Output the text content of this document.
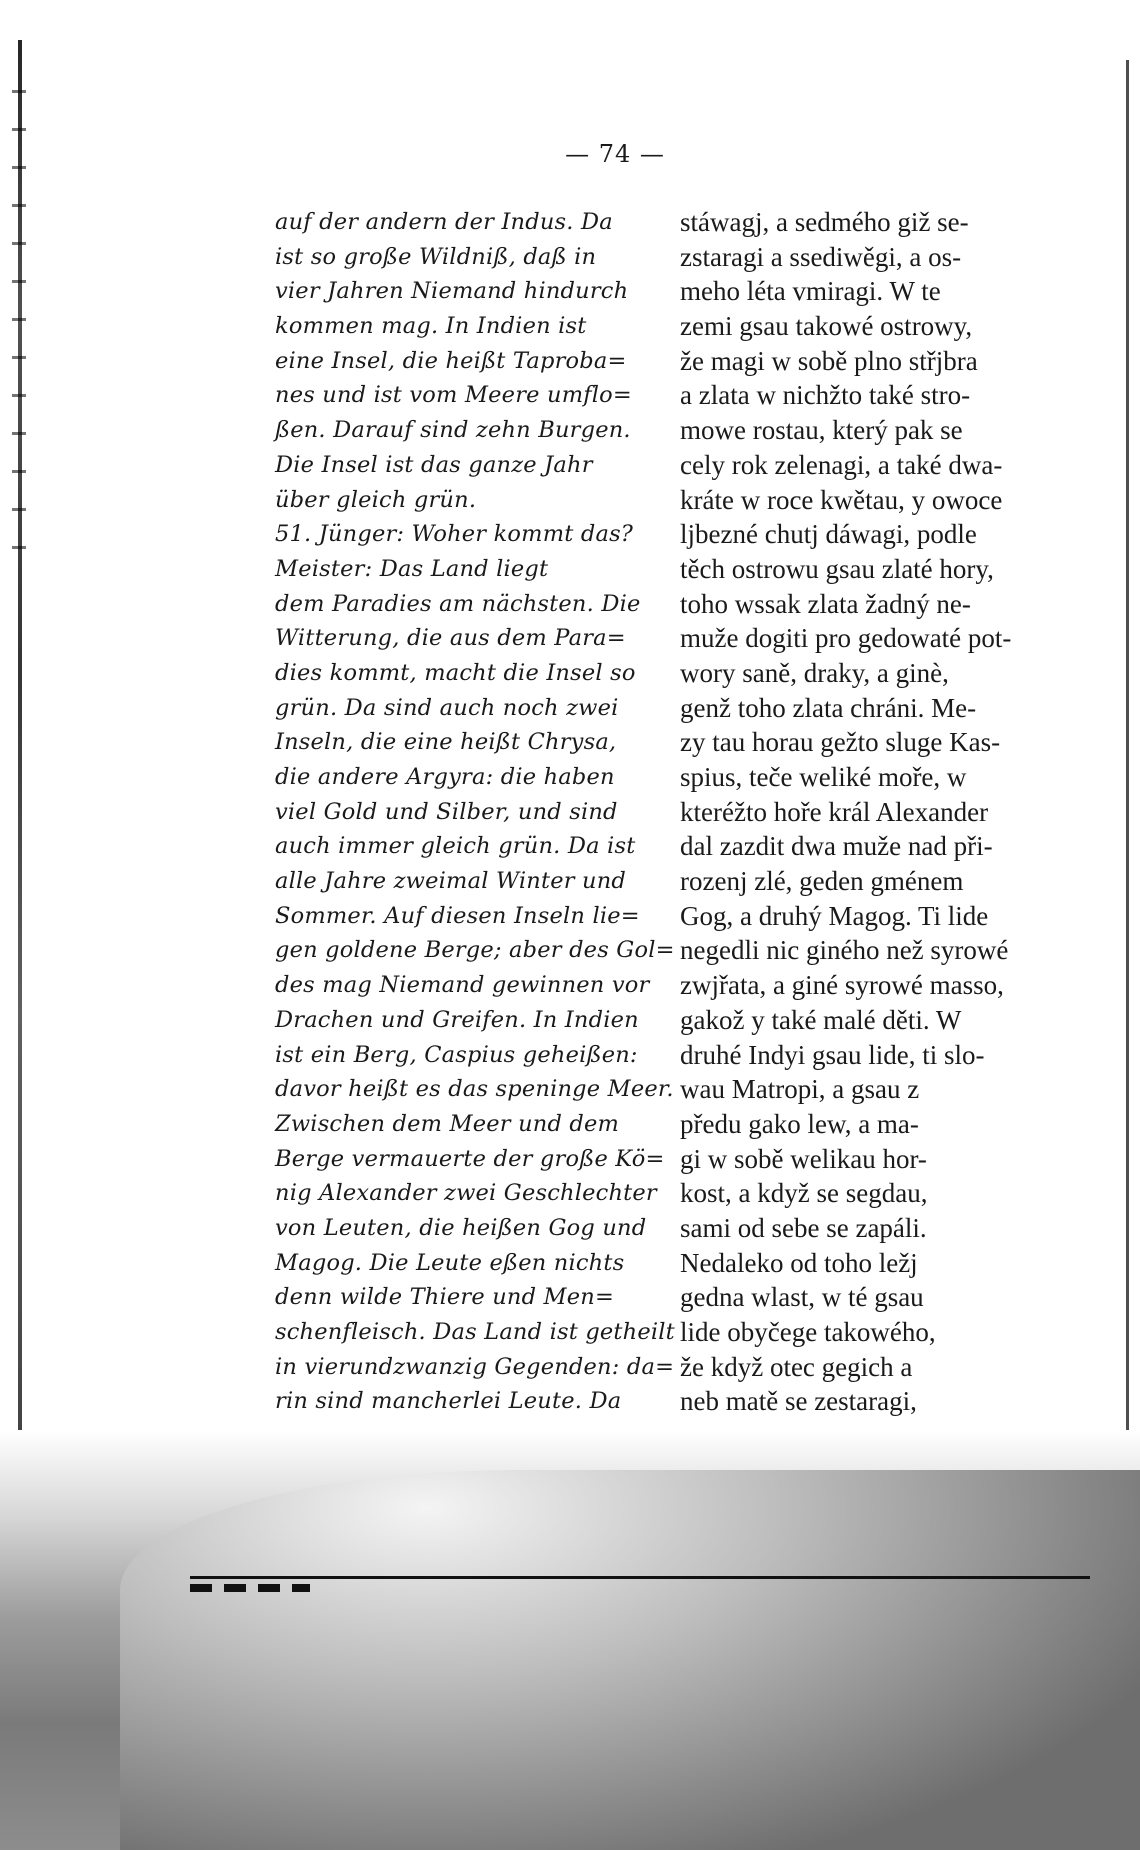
— 74 —
auf der andern der Indus. Da
ist so große Wildniß, daß in
vier Jahren Niemand hindurch
kommen mag. In Indien ist
eine Insel, die heißt Taproba=
nes und ist vom Meere umflo=
ßen. Darauf sind zehn Burgen.
Die Insel ist das ganze Jahr
über gleich grün.
51. Jünger: Woher kommt das?
Meister: Das Land liegt
dem Paradies am nächsten. Die
Witterung, die aus dem Para=
dies kommt, macht die Insel so
grün. Da sind auch noch zwei
Inseln, die eine heißt Chrysa,
die andere Argyra: die haben
viel Gold und Silber, und sind
auch immer gleich grün. Da ist
alle Jahre zweimal Winter und
Sommer. Auf diesen Inseln lie=
gen goldene Berge; aber des Gol=
des mag Niemand gewinnen vor
Drachen und Greifen. In Indien
ist ein Berg, Caspius geheißen:
davor heißt es das speninge Meer.
Zwischen dem Meer und dem
Berge vermauerte der große Kö=
nig Alexander zwei Geschlechter
von Leuten, die heißen Gog und
Magog. Die Leute eßen nichts
denn wilde Thiere und Men=
schenfleisch. Das Land ist getheilt
in vierundzwanzig Gegenden: da=
rin sind mancherlei Leute. Da
stáwagj, a sedmého giž se-
zstaragi a ssediwěgi, a os-
meho léta vmiragi. W te
zemi gsau takowé ostrowy,
že magi w sobě plno střjbra
a zlata w nichžto také stro-
mowe rostau, který pak se
cely rok zelenagi, a také dwa-
kráte w roce kwětau, y owoce
ljbezné chutj dáwagi, podle
těch ostrowu gsau zlaté hory,
toho wssak zlata žadný ne-
muže dogiti pro gedowaté pot-
wory saně, draky, a ginè,
genž toho zlata chráni. Me-
zy tau horau gežto sluge Kas-
spius, teče weliké moře, w
kteréžto hoře král Alexander
dal zazdit dwa muže nad při-
rozenj zlé, geden gménem
Gog, a druhý Magog. Ti lide
negedli nic giného než syrowé
zwjřata, a giné syrowé masso,
gakož y také malé děti. W
druhé Indyi gsau lide, ti slo-
wau Matropi, a gsau z
předu gako lew, a ma-
gi w sobě welikau hor-
kost, a když se segdau,
sami od sebe se zapáli.
Nedaleko od toho ležj
gedna wlast, w té gsau
lide obyčege takowého,
že když otec gegich a
neb matě se zestaragi,
